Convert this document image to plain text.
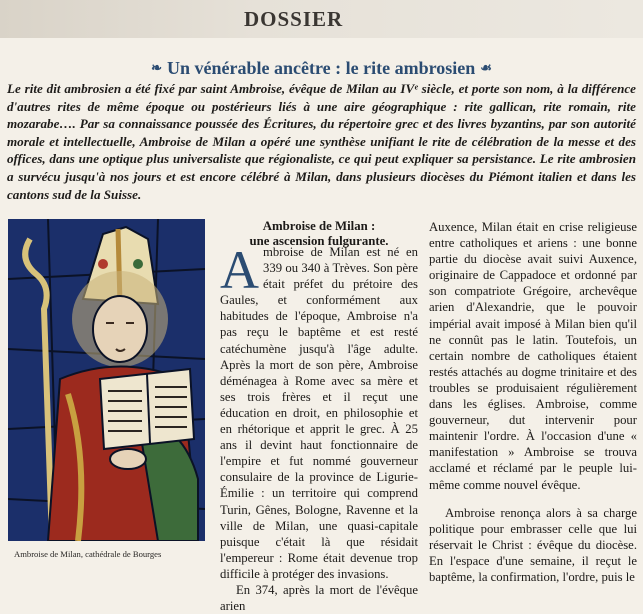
DOSSIER
❧ Un vénérable ancêtre : le rite ambrosien ☙
Le rite dit ambrosien a été fixé par saint Ambroise, évêque de Milan au IVᵉ siècle, et porte son nom, à la différence d'autres rites de même époque ou postérieurs liés à une aire géographique : rite gallican, rite romain, rite mozarabe…. Par sa connaissance poussée des Écritures, du répertoire grec et des livres byzantins, par son autorité morale et intellectuelle, Ambroise de Milan a opéré une synthèse unifiant le rite de célébration de la messe et des offices, dans une optique plus universaliste que régionaliste, ce qui peut expliquer sa persistance. Le rite ambrosien a survécu jusqu'à nos jours et est encore célébré à Milan, dans plusieurs diocèses du Piémont italien et dans les cantons sud de la Suisse.
Ambroise de Milan, cathédrale de Bourges
Ambroise de Milan :
une ascension fulgurante.

Ambroise de Milan est né en 339 ou 340 à Trèves. Son père était préfet du prétoire des Gaules, et conformément aux habitudes de l'époque, Ambroise n'a pas reçu le baptême et est resté catéchumène jusqu'à l'âge adulte. Après la mort de son père, Ambroise déménagea à Rome avec sa mère et ses trois frères et il reçut une éducation en droit, en philosophie et en rhétorique et apprit le grec. À 25 ans il devint haut fonctionnaire de l'empire et fut nommé gouverneur consulaire de la province de Ligurie-Émilie : un territoire qui comprend Turin, Gênes, Bologne, Ravenne et la ville de Milan, une quasi-capitale puisque c'était là que résidait l'empereur : Rome était devenue trop difficile à protéger des invasions.

En 374, après la mort de l'évêque arien

Auxence, Milan était en crise religieuse entre catholiques et ariens : une bonne partie du diocèse avait suivi Auxence, originaire de Cappadoce et ordonné par son compatriote Grégoire, archevêque arien d'Alexandrie, que le pouvoir impérial avait imposé à Milan bien qu'il ne connût pas le latin. Toutefois, un certain nombre de catholiques étaient restés attachés au dogme trinitaire et des troubles se produisaient régulièrement dans les églises. Ambroise, comme gouverneur, dut intervenir pour maintenir l'ordre. À l'occasion d'une « manifestation » Ambroise se trouva acclamé et réclamé par le peuple lui-même comme nouvel évêque.

Ambroise renonça alors à sa charge politique pour embrasser celle que lui réservait le Christ : évêque du diocèse. En l'espace d'une semaine, il reçut le baptême, la confirmation, l'ordre, puis le
